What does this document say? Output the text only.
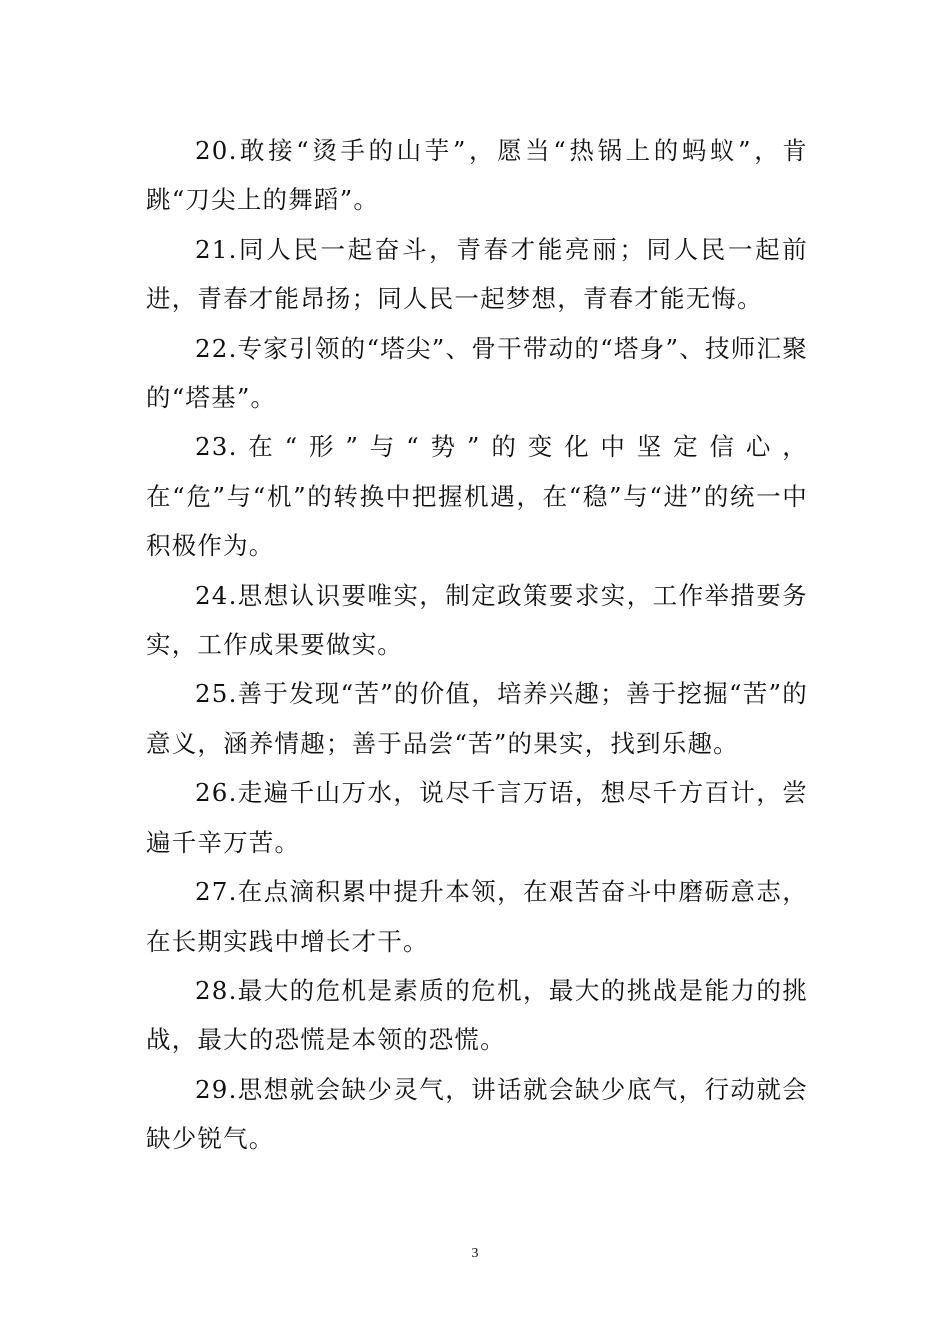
20.敢接“烫手的山芋”，愿当“热锅上的蚂蚁”，肯跳“刀尖上的舞蹈”。

21.同人民一起奋斗，青春才能亮丽；同人民一起前进，青春才能昂扬；同人民一起梦想，青春才能无悔。

22.专家引领的“塔尖”、骨干带动的“塔身”、技师汇聚的“塔基”。

23.在“形”与“势”的变化中坚定信心，在“危”与“机”的转换中把握机遇，在“稳”与“进”的统一中积极作为。

24.思想认识要唯实，制定政策要求实，工作举措要务实，工作成果要做实。

25.善于发现“苦”的价值，培养兴趣；善于挖掘“苦”的意义，涵养情趣；善于品尝“苦”的果实，找到乐趣。

26.走遍千山万水，说尽千言万语，想尽千方百计，尝遍千辛万苦。

27.在点滴积累中提升本领，在艰苦奋斗中磨砺意志，在长期实践中增长才干。

28.最大的危机是素质的危机，最大的挑战是能力的挑战，最大的恐慌是本领的恐慌。

29.思想就会缺少灵气，讲话就会缺少底气，行动就会缺少锐气。

3
